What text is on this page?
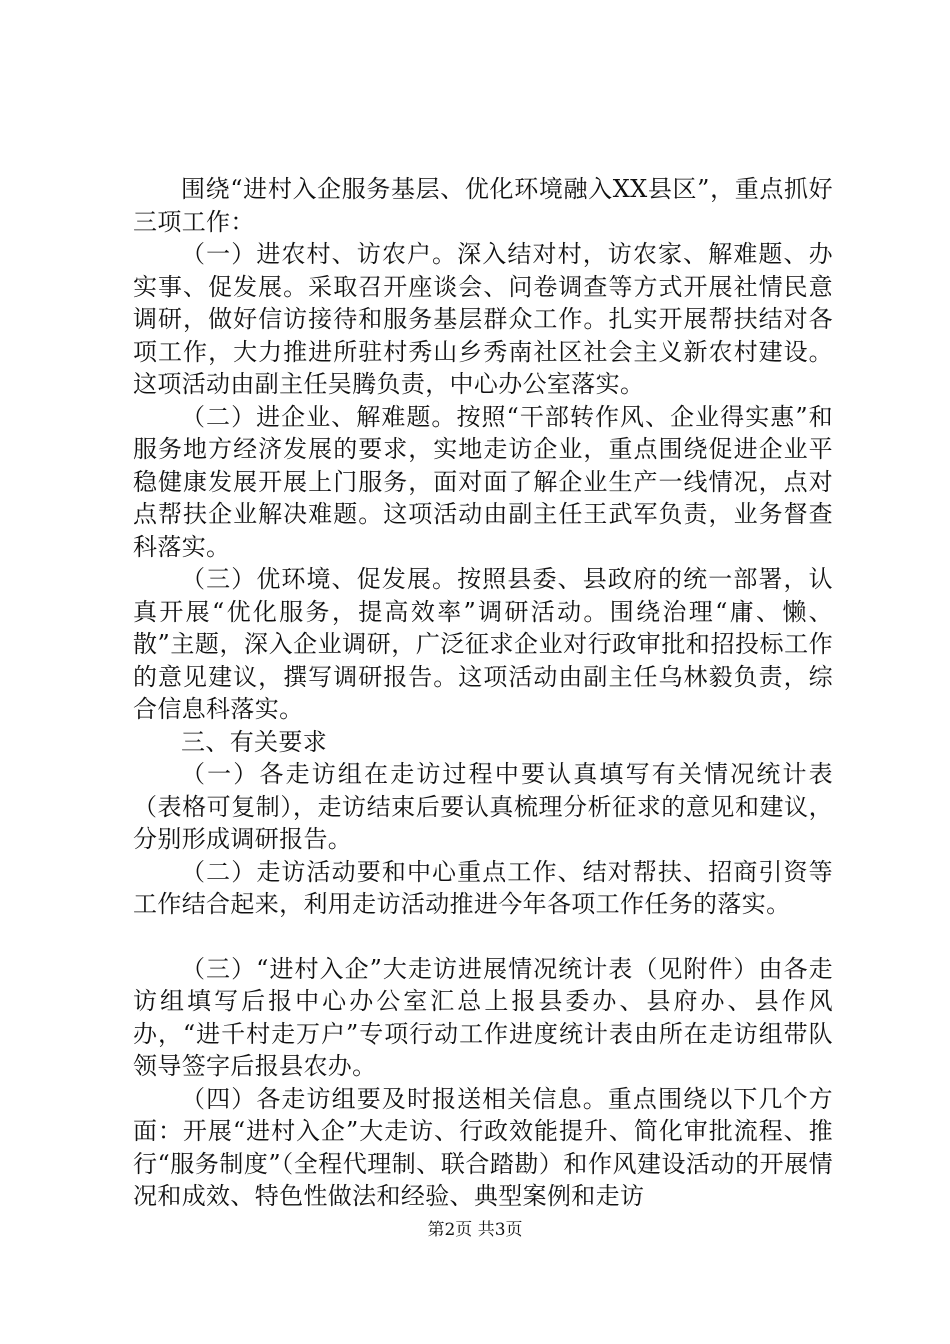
围绕“进村入企服务基层、优化环境融入XX县区”，重点抓好三项工作：

（一）进农村、访农户。深入结对村，访农家、解难题、办实事、促发展。采取召开座谈会、问卷调查等方式开展社情民意调研，做好信访接待和服务基层群众工作。扎实开展帮扶结对各项工作，大力推进所驻村秀山乡秀南社区社会主义新农村建设。这项活动由副主任吴腾负责，中心办公室落实。

（二）进企业、解难题。按照“干部转作风、企业得实惠”和服务地方经济发展的要求，实地走访企业，重点围绕促进企业平稳健康发展开展上门服务，面对面了解企业生产一线情况，点对点帮扶企业解决难题。这项活动由副主任王武军负责，业务督查科落实。

（三）优环境、促发展。按照县委、县政府的统一部署，认真开展“优化服务，提高效率”调研活动。围绕治理“庸、懒、散”主题，深入企业调研，广泛征求企业对行政审批和招投标工作的意见建议，撰写调研报告。这项活动由副主任乌林毅负责，综合信息科落实。

三、有关要求

（一）各走访组在走访过程中要认真填写有关情况统计表（表格可复制），走访结束后要认真梳理分析征求的意见和建议，分别形成调研报告。

（二）走访活动要和中心重点工作、结对帮扶、招商引资等工作结合起来，利用走访活动推进今年各项工作任务的落实。

（三）“进村入企”大走访进展情况统计表（见附件）由各走访组填写后报中心办公室汇总上报县委办、县府办、县作风办，“进千村走万户”专项行动工作进度统计表由所在走访组带队领导签字后报县农办。

（四）各走访组要及时报送相关信息。重点围绕以下几个方面：开展“进村入企”大走访、行政效能提升、简化审批流程、推行“服务制度”（全程代理制、联合踏勘）和作风建设活动的开展情况和成效、特色性做法和经验、典型案例和走访

第2页 共3页
